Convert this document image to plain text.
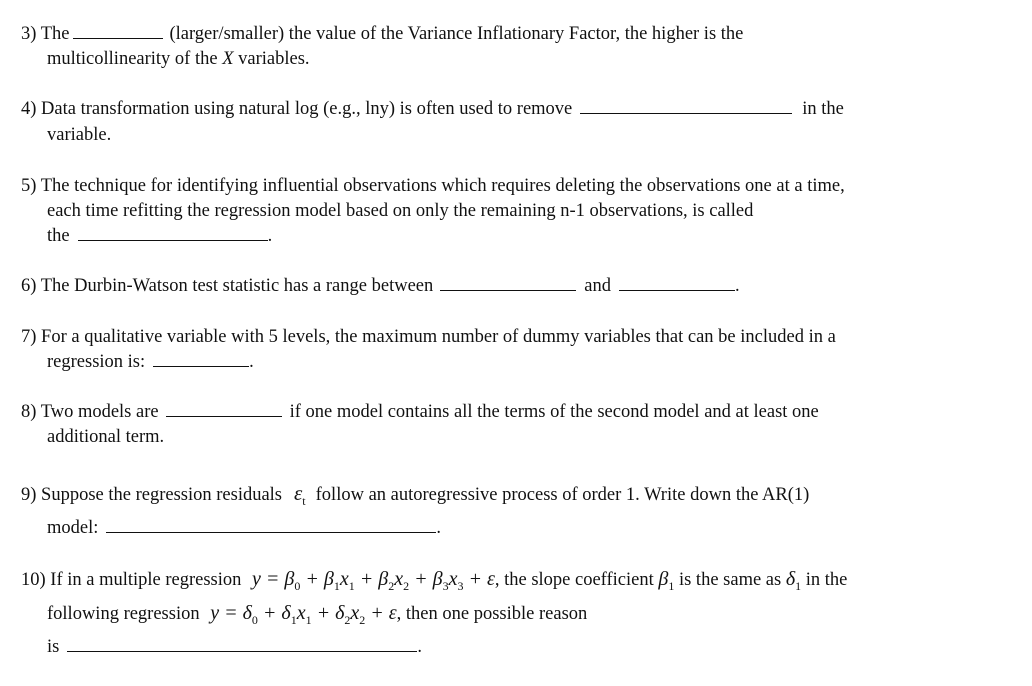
3) The	(larger/smaller) the value of the Variance Inflationary Factor, the higher is the
multicollinearity of the X variables.
4) Data transformation using natural log (e.g., lny) is often used to remove	in the
variable.
5) The technique for identifying influential observations which requires deleting the observations one at a time,
each time refitting the regression model based on only the remaining n-1 observations, is called
the	.
6) The Durbin-Watson test statistic has a range between	and	.
7) For a qualitative variable with 5 levels, the maximum number of dummy variables that can be included in a
regression is:	.
8) Two models are	if one model contains all the terms of the second model and at least one
additional term.
9) Suppose the regression residuals $\varepsilon_t$ follow an autoregressive process of order 1. Write down the AR(1)
model:	.
10) If in a multiple regression $y = \beta_0 + \beta_1x_1 + \beta_2x_2 + \beta_3x_3 + \varepsilon$, the slope coefficient $\beta_1$ is the same as $\delta_1$ in the
following regression $y = \delta_0 + \delta_1x_1 + \delta_2x_2 + \varepsilon$, then one possible reason
is	.
